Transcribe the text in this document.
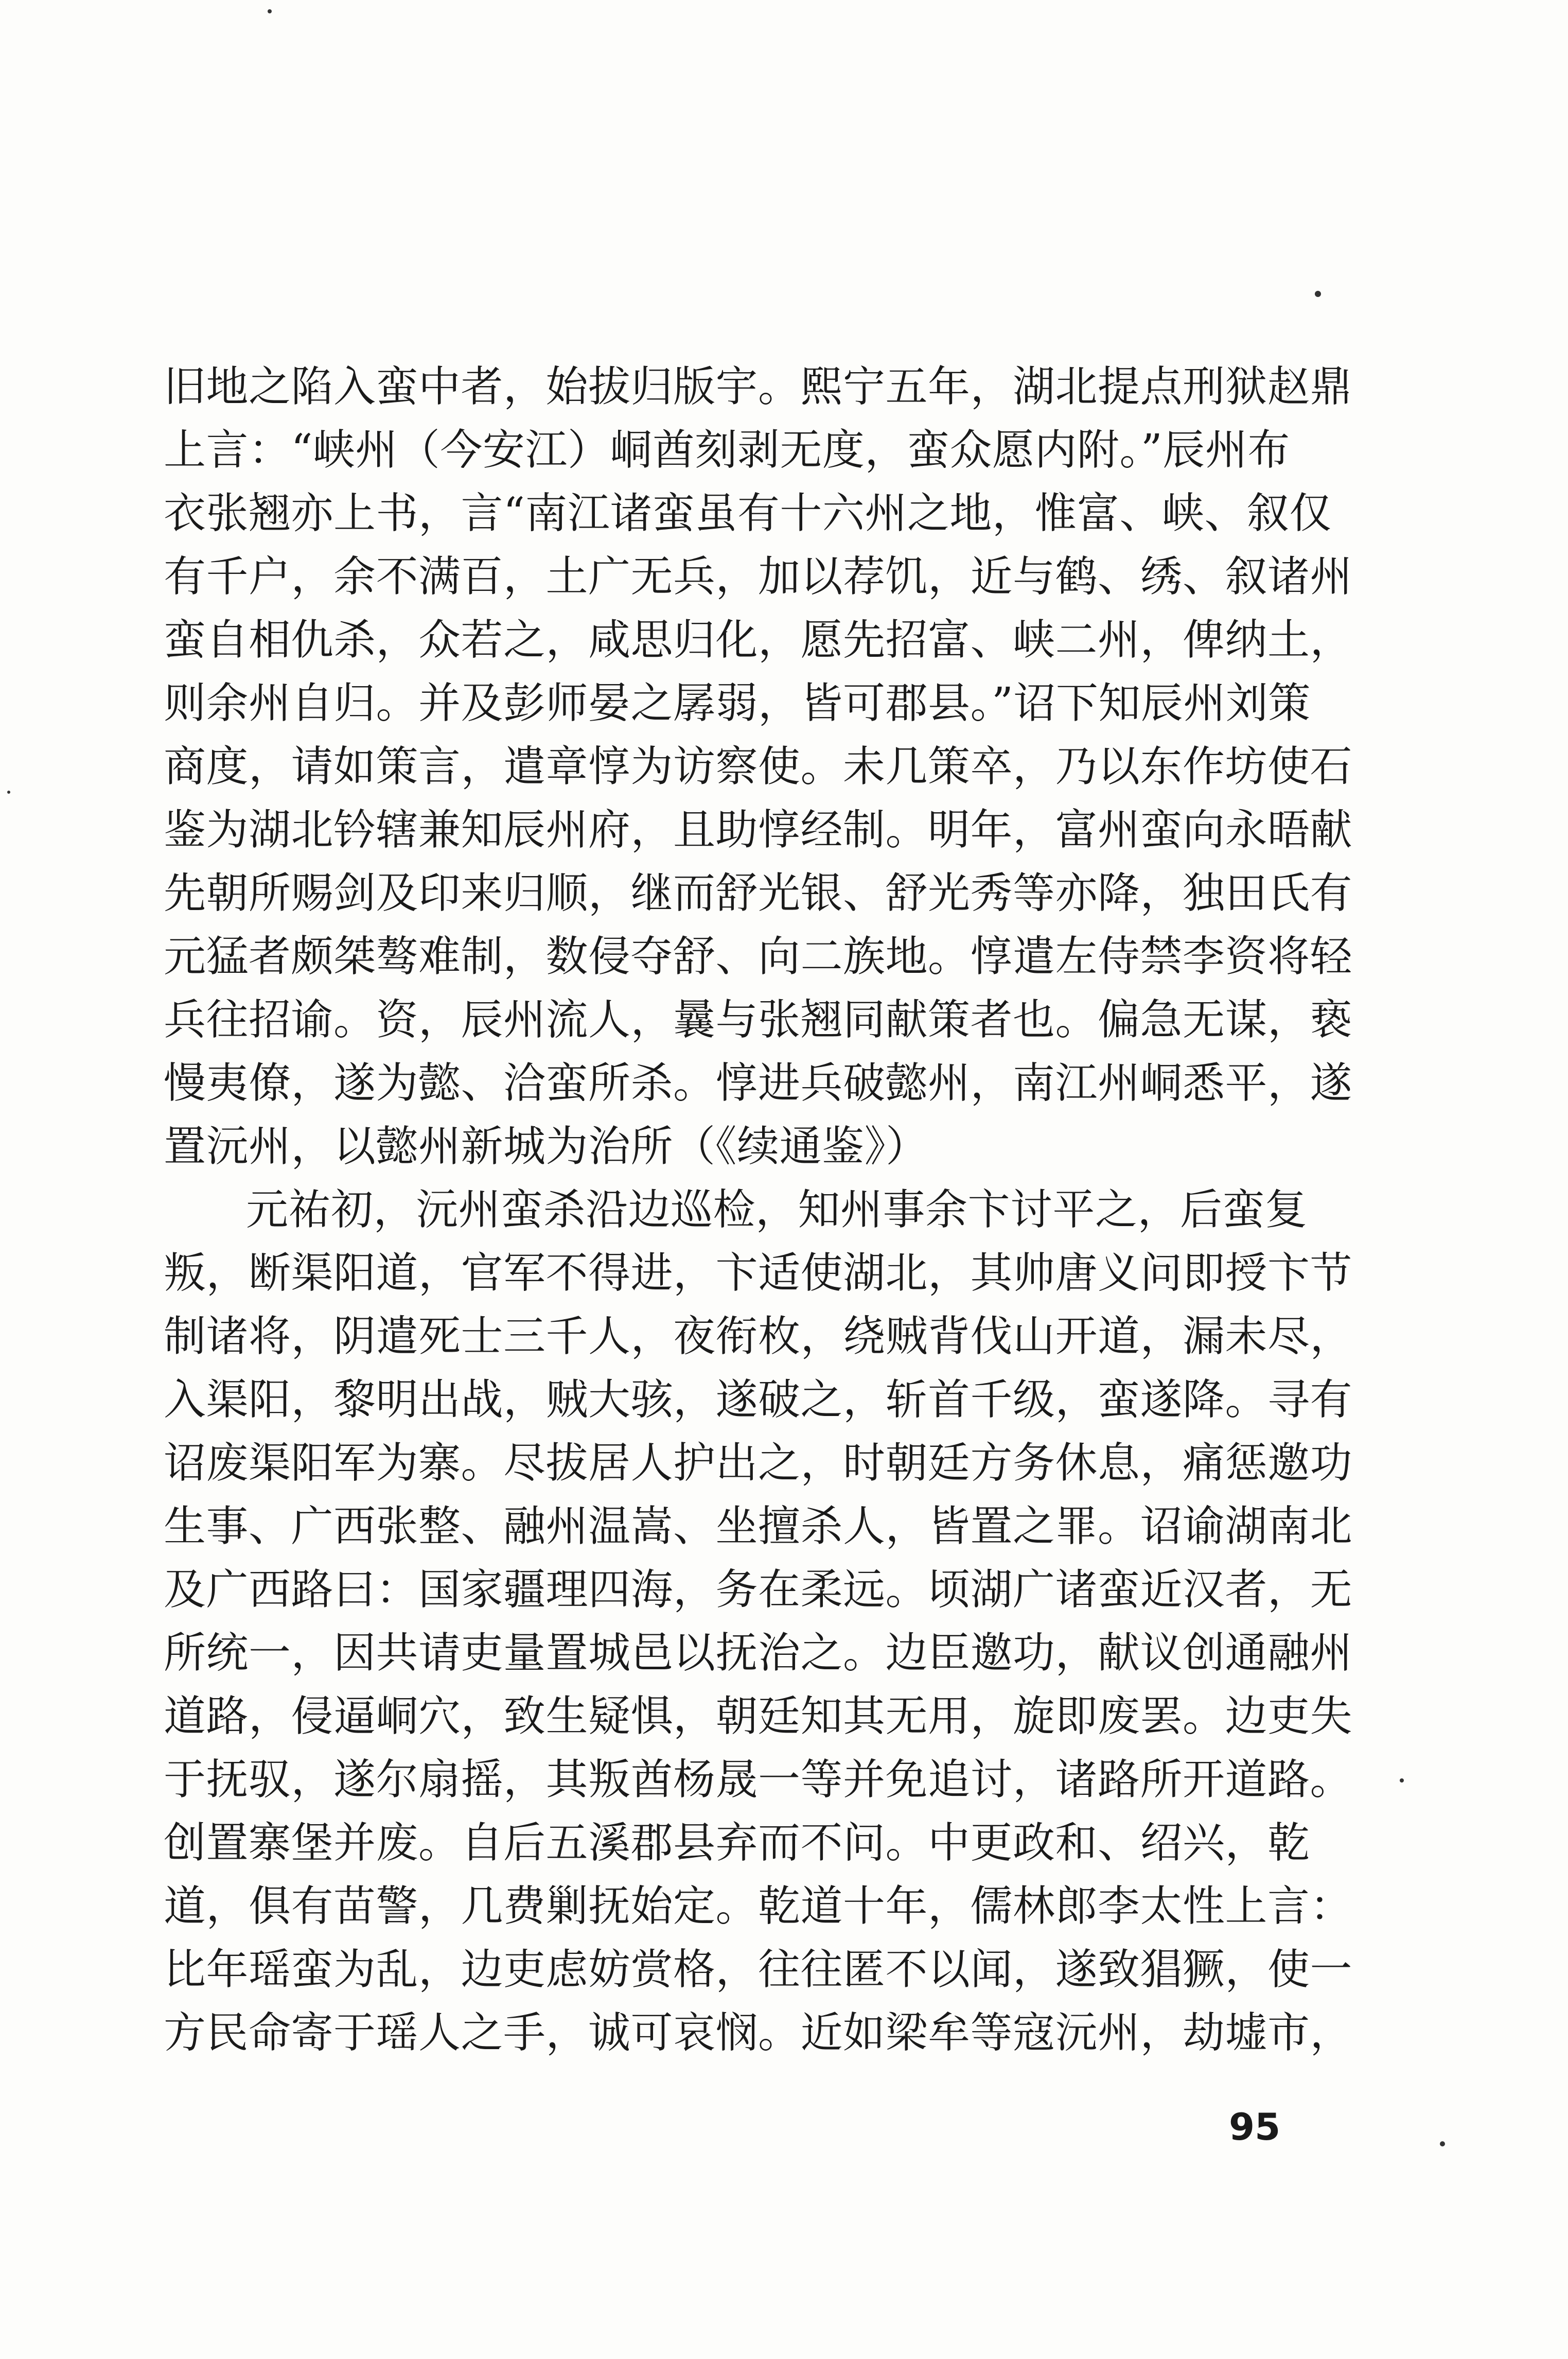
旧地之陷入蛮中者，始拔归版宇。熙宁五年，湖北提点刑狱赵鼎
上言：“峡州（今安江）峒酋刻剥无度，蛮众愿内附。”辰州布
衣张翘亦上书，言“南江诸蛮虽有十六州之地，惟富、峡、叙仅
有千户，余不满百，土广无兵，加以荐饥，近与鹤、绣、叙诸州
蛮自相仇杀，众若之，咸思归化，愿先招富、峡二州，俾纳土，
则余州自归。并及彭师晏之孱弱，皆可郡县。”诏下知辰州刘策
商度，请如策言，遣章惇为访察使。未几策卒，乃以东作坊使石
鉴为湖北钤辖兼知辰州府，且助惇经制。明年，富州蛮向永晤献
先朝所赐剑及印来归顺，继而舒光银、舒光秀等亦降，独田氏有
元猛者颇桀骜难制，数侵夺舒、向二族地。惇遣左侍禁李资将轻
兵往招谕。资，辰州流人，曩与张翘同献策者也。偏急无谋，亵
慢夷僚，遂为懿、洽蛮所杀。惇进兵破懿州，南江州峒悉平，遂
置沅州，以懿州新城为治所（《续通鉴》）
元祐初，沅州蛮杀沿边巡检，知州事余卞讨平之，后蛮复
叛，断渠阳道，官军不得进，卞适使湖北，其帅唐义问即授卞节
制诸将，阴遣死士三千人，夜衔枚，绕贼背伐山开道，漏未尽，
入渠阳，黎明出战，贼大骇，遂破之，斩首千级，蛮遂降。寻有
诏废渠阳军为寨。尽拔居人护出之，时朝廷方务休息，痛惩邀功
生事、广西张整、融州温嵩、坐擅杀人，皆置之罪。诏谕湖南北
及广西路曰：国家疆理四海，务在柔远。顷湖广诸蛮近汉者，无
所统一，因共请吏量置城邑以抚治之。边臣邀功，献议创通融州
道路，侵逼峒穴，致生疑惧，朝廷知其无用，旋即废罢。边吏失
于抚驭，遂尔扇摇，其叛酋杨晟一等并免追讨，诸路所开道路。
创置寨堡并废。自后五溪郡县弃而不问。中更政和、绍兴，乾
道，俱有苗警，几费剿抚始定。乾道十年，儒林郎李太性上言：
比年瑶蛮为乱，边吏虑妨赏格，往往匿不以闻，遂致猖獗，使一
方民命寄于瑶人之手，诚可哀悯。近如梁牟等寇沅州，劫墟市，
95
